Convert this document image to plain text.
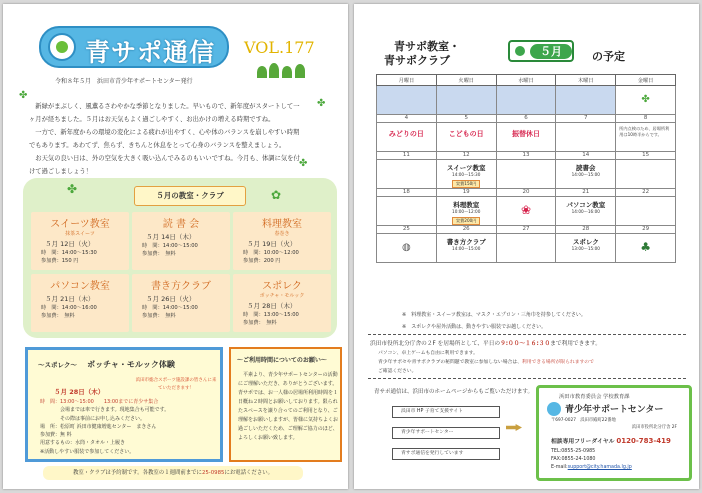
青サポ通信 VOL.177
令和８年５月　浜田市青少年サポートセンター発行
✤
✤
✤
　新緑がまぶしく、風薫るさわやかな季節となりました。早いもので、新年度がスタートして一
ヶ月が経ちました。５月はお天気もよく過ごしやすく、お出かけの増える時期ですね。
　一方で、新年度からの環境の変化による疲れが出やすく、心や体のバランスを崩しやすい時期
でもあります。あわてず、焦らず、きちんと休息をとって心身のバランスを整えましょう。
　お天気の良い日は、外の空気を大きく吸い込んでみるのもいいですね。今月も、体調に気を付
けて過ごしましょう！
✤	✿
５月の教室・クラブ
スイーツ教室
抹茶スイーツ
５月 12日（火）
時　間：14:00～15:30
参加費：150 円
読 書 会
５月 14日（木）
時　間：14:00～15:00
参加費：　無料
料理教室
春巻き
５月 19日（火）
時　間：10:00～12:00
参加費：200 円
パソコン教室
５月 21日（木）
時　間：14:00～16:00
参加費：　無料
書き方クラブ
５月 26日（火）
時　間：14:00～15:00
参加費：　無料
スポレク
ボッチャ・モルック
５月 28日（木）
時　間：13:00～15:00
参加費：　無料
～スポレク～ ボッチャ・モルック体験
浜田市総合スポーツ施設課の皆さんに来ていただきます！
５月 28日（木）
時　間：13:00～15:00　　13:00までに青少サ集合
　　　　会場までは車で行きます。現地集合も可能です。
　　　　その際は事前にお申し込みください。
場　所：松原町 浜田市健康増進センター　まきさん
参加費：無 料
用意するもの：水筒・タオル・上履き
※活動しやすい服装で参加してください。
～ご利用時間についてのお願い～
　平素より、青少年サポートセンターの活動にご理解いただき、ありがとうございます。青サポでは、お一人様の居場所利用時間を１日概ね２時間とお願いしております。限られたスペースを譲り合ってのご利用となり、ご理解をお願いしますが、皆様に気持ちよくお過ごしいただくため、ご理解ご協力のほど、よろしくお願い致します。
教室・クラブは予約制です。各教室の１週間前までに25-0985にお電話ください。
青サポ教室・
青サポクラブ
５月	の予定
月曜日	火曜日	水曜日	木曜日	金曜日

				✤

4	5	6	7	8

みどりの日	こどもの日	振替休日		所内点検のため、居場所利用は10時半からです。

11	12	13	14	15

	スイーツ教室
14:00～15:30
実費150円		読書会
14:00～15:00	

18	19	20	21	22

	料理教室
10:00～12:00
実費200円	❀	パソコン教室
14:00～16:00	

25	26	27	28	29

◍	書き方クラブ
14:00～15:00		スポレク
13:00～15:00	♣
※　料理教室・スイーツ教室は、マスク・エプロン・三角巾を持参してください。
※　スポレクや屋外活動は、動きやすい服装でお越しください。
浜田市役所北分庁舎の２F を居場所として、平日の９:００～１６:３０まで利用できます。
パソコン、卓上ゲームも自由に利用できます。
青少年サポセや青サポクラブの秘問題で教室に参加しない場合は、利用できる場所が限られますので
ご確認ください。
青サポ通信は、浜田市のホームページからもご覧いただけます。
浜田市 HP 子育て支援サイト
青少年サポートセンター
青サポ通信を発行しています
浜田市教育委員会 学校教育課
青少年サポートセンター
〒697-0027　浜田市殿町22番地
浜田市役所北分庁舎 2F
相談専用フリーダイヤル 0120-783-419
TEL:0855-25-0985
FAX:0855-24-1080
E-mail:support@city.hamada.lg.jp
